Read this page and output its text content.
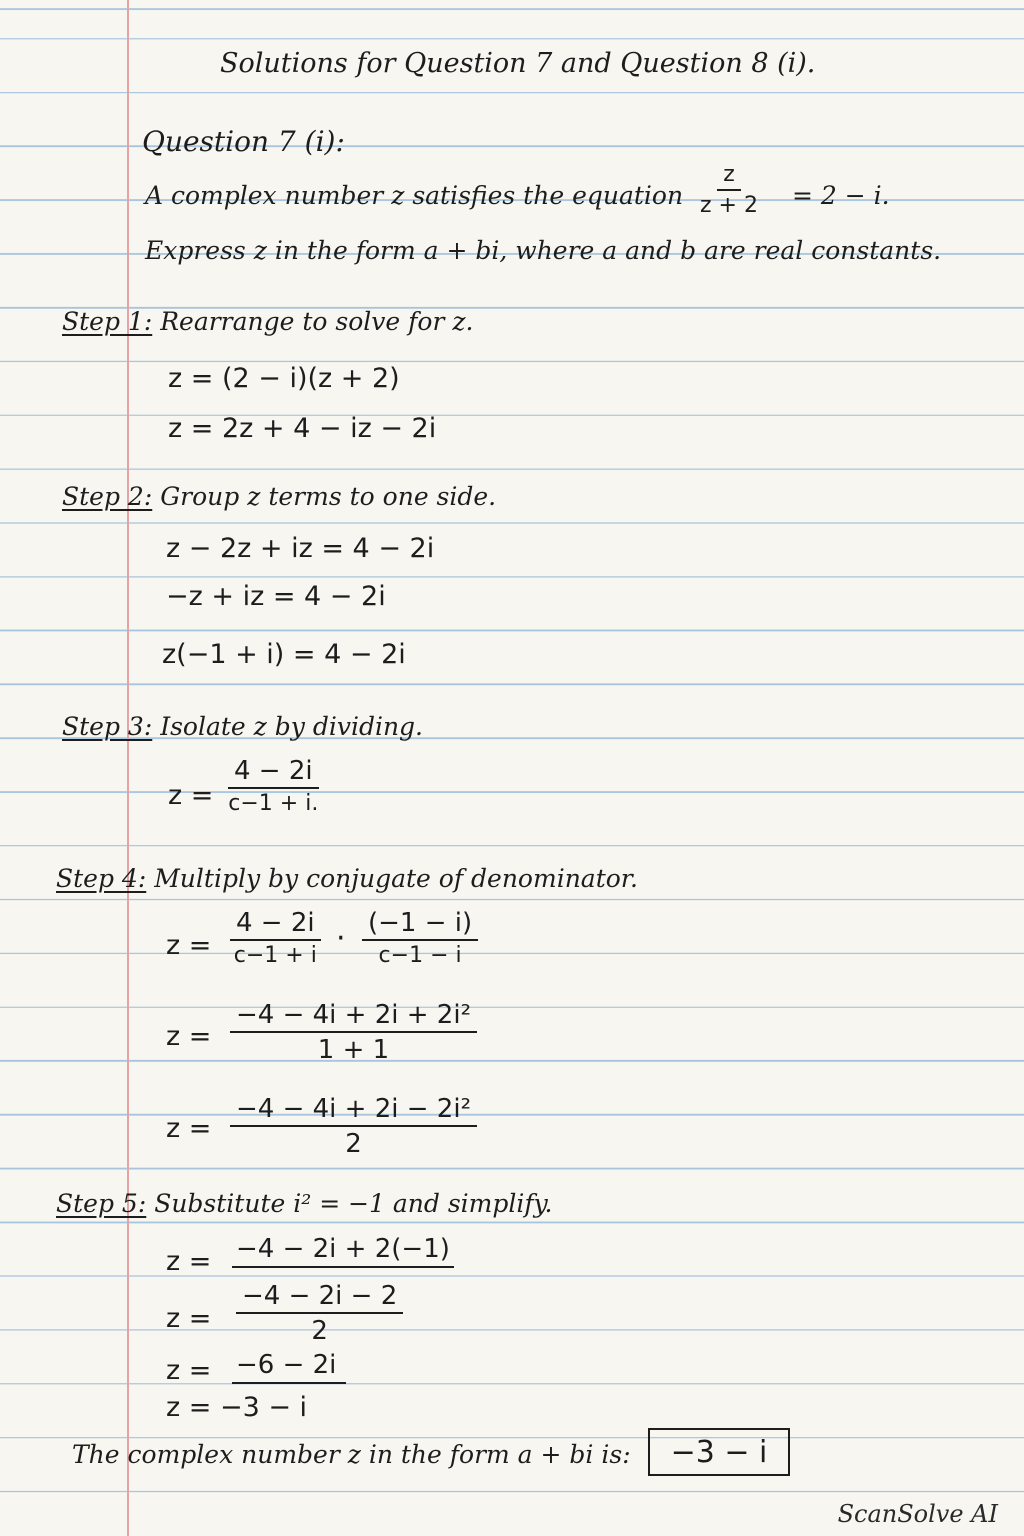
Solutions for Question 7 and Question 8 (i).
Question 7 (i):
A complex number z satisfies the equation $\frac{z}{z + 2} = 2 - i$.
Express z in the form a + bi, where a and b are real constants.
Step 1: Rearrange to solve for z.
z = (2 − i)(z + 2)
z = 2z + 4 − iz − 2i
Step 2: Group z terms to one side.
z − 2z + iz = 4 − 2i
−z + iz = 4 − 2i
z(−1 + i) = 4 − 2i
Step 3: Isolate z by dividing.
z =
4 − 2i
c−1 + i.
Step 4: Multiply by conjugate of denominator.
z =
4 − 2i
c−1 + i · (−1 − i)
c−1 − i
$z = \frac{\text{−4 − 4i + 2i + 2i²}}{1 + 1}$
$z = \frac{\text{−4 − 4i + 2i − 2i²}}{2}$
Step 5: Substitute i² = −1 and simplify.
z = −4 − 2i + 2(−1)
$z = \frac{-4 - 2i - 2}{2}$
z = −6 − 2i
z = −3 − i
The complex number z in the form a + bi is:	−3 − i
ScanSolve AI
